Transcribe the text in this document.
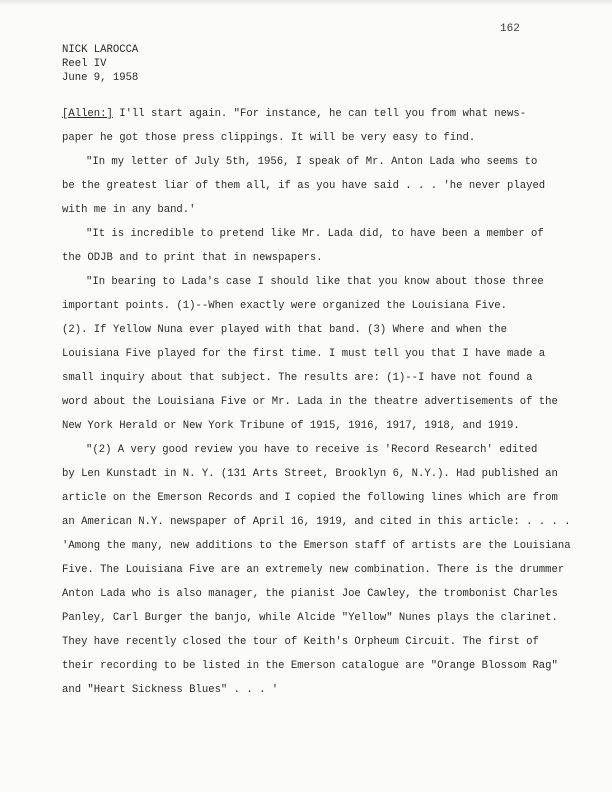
162
NICK LAROCCA
Reel IV
June 9, 1958
[Allen:] I'll start again. "For instance, he can tell you from what news-
paper he got those press clippings. It will be very easy to find.
"In my letter of July 5th, 1956, I speak of Mr. Anton Lada who seems to
be the greatest liar of them all, if as you have said . . . 'he never played
with me in any band.'
"It is incredible to pretend like Mr. Lada did, to have been a member of
the ODJB and to print that in newspapers.
"In bearing to Lada's case I should like that you know about those three
important points. (1)--When exactly were organized the Louisiana Five.
(2). If Yellow Nuna ever played with that band. (3) Where and when the
Louisiana Five played for the first time. I must tell you that I have made a
small inquiry about that subject. The results are: (1)--I have not found a
word about the Louisiana Five or Mr. Lada in the theatre advertisements of the
New York Herald or New York Tribune of 1915, 1916, 1917, 1918, and 1919.
"(2) A very good review you have to receive is 'Record Research' edited
by Len Kunstadt in N. Y. (131 Arts Street, Brooklyn 6, N.Y.). Had published an
article on the Emerson Records and I copied the following lines which are from
an American N.Y. newspaper of April 16, 1919, and cited in this article: . . . .
'Among the many, new additions to the Emerson staff of artists are the Louisiana
Five. The Louisiana Five are an extremely new combination. There is the drummer
Anton Lada who is also manager, the pianist Joe Cawley, the trombonist Charles
Panley, Carl Burger the banjo, while Alcide "Yellow" Nunes plays the clarinet.
They have recently closed the tour of Keith's Orpheum Circuit. The first of
their recording to be listed in the Emerson catalogue are "Orange Blossom Rag"
and "Heart Sickness Blues" . . . '
